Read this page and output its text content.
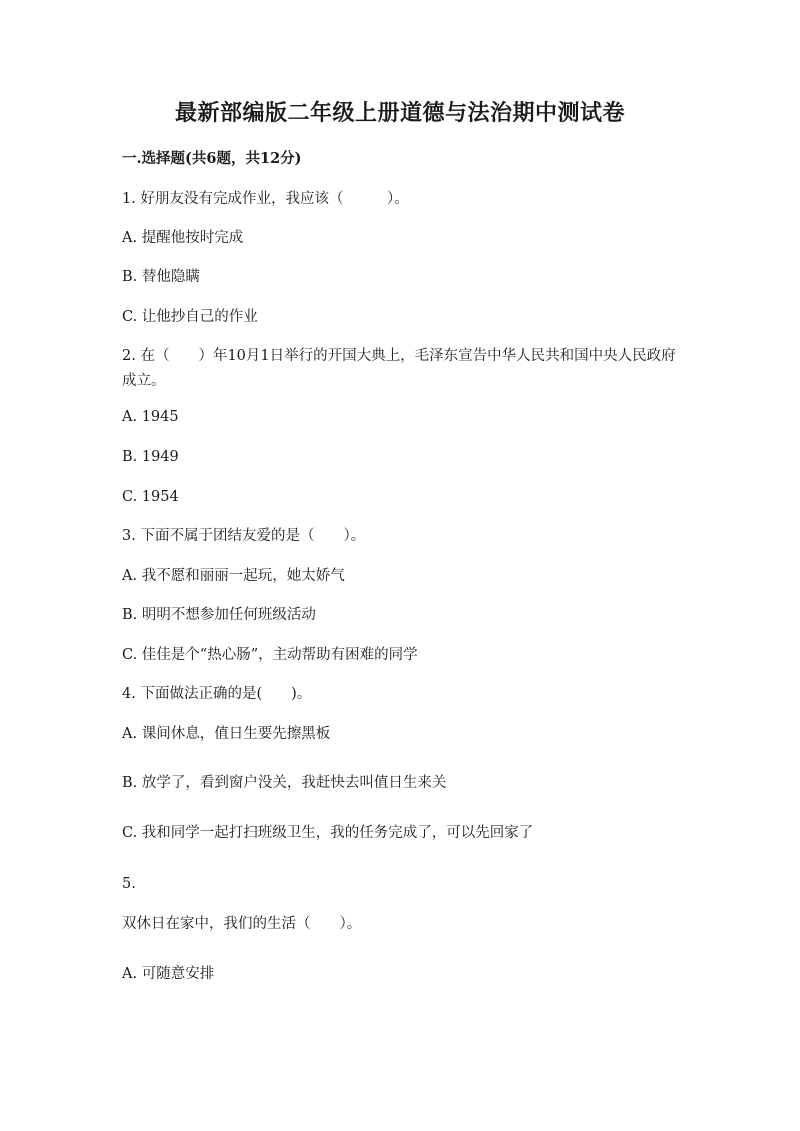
最新部编版二年级上册道德与法治期中测试卷

一.选择题(共6题，共12分)

1. 好朋友没有完成作业，我应该（　　　）。

A. 提醒他按时完成

B. 替他隐瞒

C. 让他抄自己的作业

2. 在（　　）年10月1日举行的开国大典上，毛泽东宣告中华人民共和国中央人民政府成立。

A. 1945

B. 1949

C. 1954

3. 下面不属于团结友爱的是（　　）。

A. 我不愿和丽丽一起玩，她太娇气

B. 明明不想参加任何班级活动

C. 佳佳是个“热心肠”，主动帮助有困难的同学

4. 下面做法正确的是(　　)。

A. 课间休息，值日生要先擦黑板

B. 放学了，看到窗户没关，我赶快去叫值日生来关

C. 我和同学一起打扫班级卫生，我的任务完成了，可以先回家了

5.

双休日在家中，我们的生活（　　）。

A. 可随意安排
